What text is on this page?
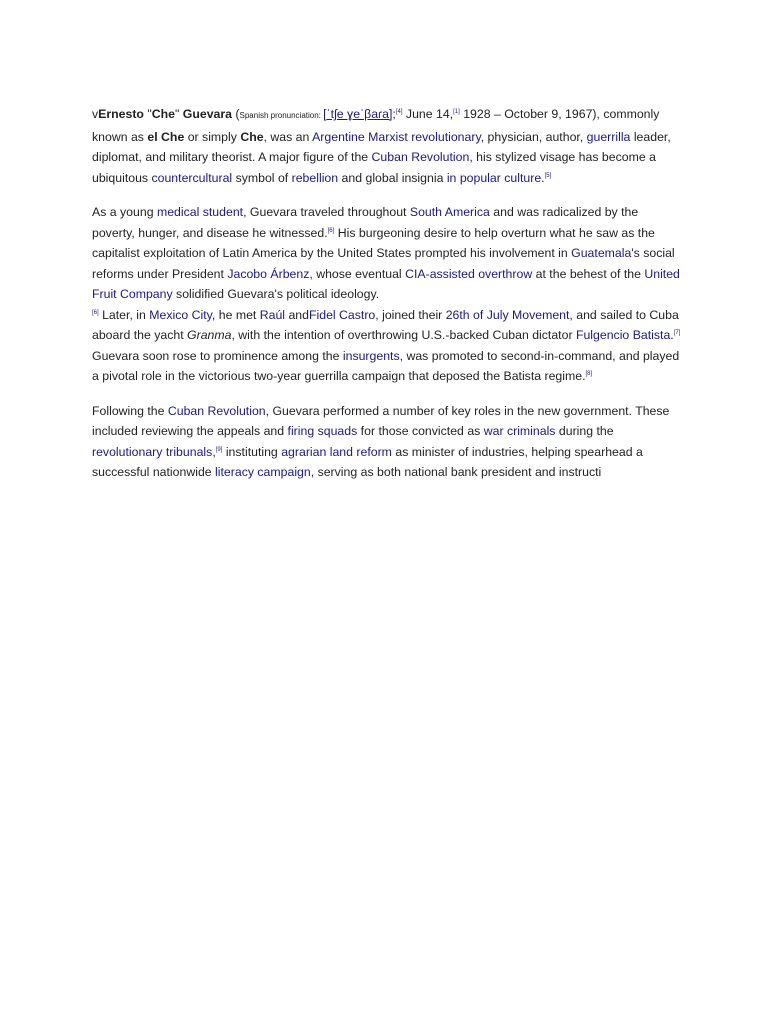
vErnesto "Che" Guevara (Spanish pronunciation: [ˈtʃe ɣeˈβaɾa];[4] June 14,[1] 1928 – October 9, 1967), commonly known as el Che or simply Che, was an Argentine Marxist revolutionary, physician, author, guerrilla leader, diplomat, and military theorist. A major figure of the Cuban Revolution, his stylized visage has become a ubiquitous countercultural symbol of rebellion and global insignia in popular culture.[5]

As a young medical student, Guevara traveled throughout South America and was radicalized by the poverty, hunger, and disease he witnessed.[6] His burgeoning desire to help overturn what he saw as the capitalist exploitation of Latin America by the United States prompted his involvement in Guatemala's social reforms under President Jacobo Árbenz, whose eventual CIA-assisted overthrow at the behest of the United Fruit Company solidified Guevara's political ideology.
[6] Later, in Mexico City, he met Raúl andFidel Castro, joined their 26th of July Movement, and sailed to Cuba aboard the yacht Granma, with the intention of overthrowing U.S.-backed Cuban dictator Fulgencio Batista.[7] Guevara soon rose to prominence among the insurgents, was promoted to second-in-command, and played a pivotal role in the victorious two-year guerrilla campaign that deposed the Batista regime.[8]

Following the Cuban Revolution, Guevara performed a number of key roles in the new government. These included reviewing the appeals and firing squads for those convicted as war criminals during the revolutionary tribunals,[9] instituting agrarian land reform as minister of industries, helping spearhead a successful nationwide literacy campaign, serving as both national bank president and instructi
